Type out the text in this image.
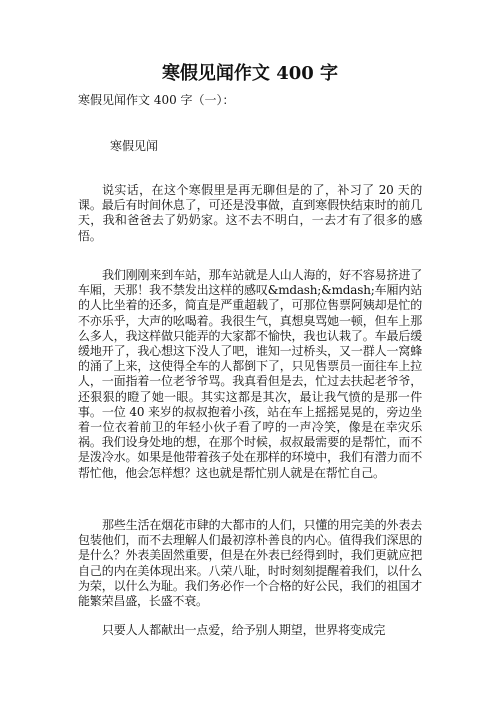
寒假见闻作文 400 字
寒假见闻作文 400 字（一）：
寒假见闻
说实话，在这个寒假里是再无聊但是的了，补习了 20 天的课。最后有时间休息了，可还是没事做，直到寒假快结束时的前几天，我和爸爸去了奶奶家。这不去不明白，一去才有了很多的感悟。
我们刚刚来到车站，那车站就是人山人海的，好不容易挤进了车厢，天那！我不禁发出这样的感叹&mdash;&mdash;车厢内站的人比坐着的还多，简直是严重超载了，可那位售票阿姨却是忙的不亦乐乎，大声的吆喝着。我很生气，真想臭骂她一顿，但车上那么多人，我这样做只能弄的大家都不愉快，我也认栽了。车最后缓缓地开了，我心想这下没人了吧，谁知一过桥头，又一群人一窝蜂的涌了上来，这使得全车的人都倒下了，只见售票员一面往车上拉人，一面指着一位老爷爷骂。我真看但是去，忙过去扶起老爷爷，还狠狠的瞪了她一眼。其实这都是其次，最让我气愤的是那一件事。一位 40 来岁的叔叔抱着小孩，站在车上摇摇晃晃的，旁边坐着一位衣着前卫的年轻小伙子看了哼的一声冷笑，像是在幸灾乐祸。我们设身处地的想，在那个时候，叔叔最需要的是帮忙，而不是泼冷水。如果是他带着孩子处在那样的环境中，我们有潜力而不帮忙他，他会怎样想？这也就是帮忙别人就是在帮忙自己。
那些生活在烟花市肆的大都市的人们，只懂的用完美的外表去包装他们，而不去理解人们最初淳朴善良的内心。值得我们深思的是什么？外表美固然重要，但是在外表已经得到时，我们更就应把自己的内在美体现出来。八荣八耻，时时刻刻提醒着我们，以什么为荣，以什么为耻。我们务必作一个合格的好公民，我们的祖国才能繁荣昌盛，长盛不衰。
只要人人都献出一点爱，给予别人期望，世界将变成完
